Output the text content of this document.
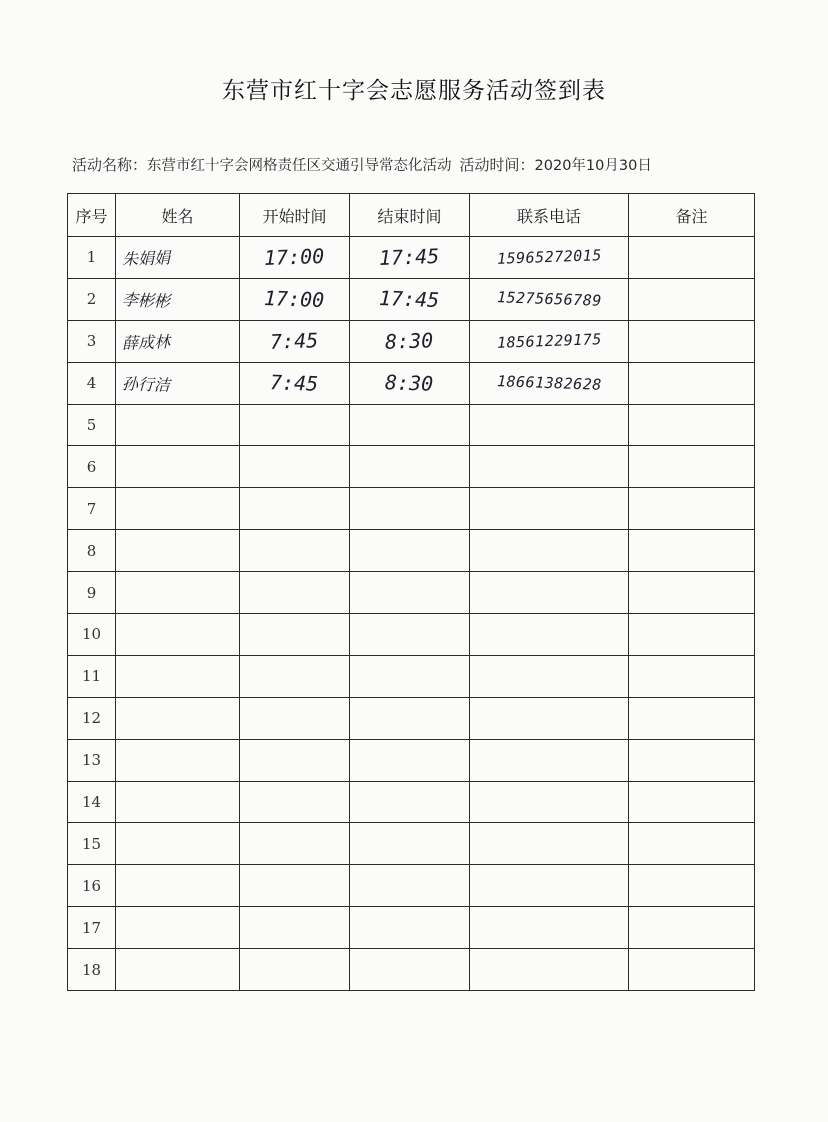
东营市红十字会志愿服务活动签到表
活动名称：东营市红十字会网格责任区交通引导常态化活动 活动时间：2020年10月30日
序号	姓名	开始时间	结束时间	联系电话	备注
1	朱娟娟	17:00	17:45	15965272015	
2	李彬彬	17:00	17:45	15275656789	
3	薛成林	7:45	8:30	18561229175	
4	孙行洁	7:45	8:30	18661382628	
5					
6					
7					
8					
9					
10					
11					
12					
13					
14					
15					
16					
17					
18					
